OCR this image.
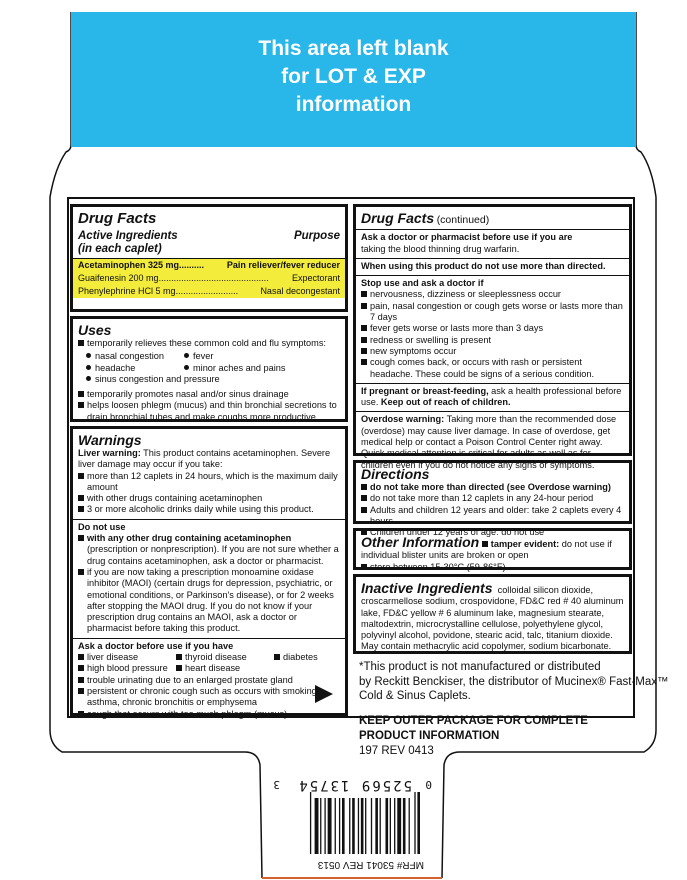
This area left blank
for LOT & EXP
information
Drug Facts
Active Ingredients	Purpose
(in each caplet)
Acetaminophen 325 mg..........	Pain reliever/fever reducer
Guaifenesin 200 mg............................................	Expectorant
Phenylephrine HCl 5 mg......................... Nasal decongestant
Uses
temporarily relieves these common cold and flu symptoms:
nasal congestion	fever
headache	minor aches and pains
sinus congestion and pressure
temporarily promotes nasal and/or sinus drainage
helps loosen phlegm (mucus) and thin bronchial secretions to drain bronchial tubes and make coughs more productive.
Warnings
Liver warning: This product contains acetaminophen. Severe liver damage may occur if you take:
more than 12 caplets in 24 hours, which is the maximum daily amount
with other drugs containing acetaminophen
3 or more alcoholic drinks daily while using this product.
Do not use
with any other drug containing acetaminophen (prescription or nonprescription). If you are not sure whether a drug contains acetaminophen, ask a doctor or pharmacist.
if you are now taking a prescription monoamine oxidase inhibitor (MAOI) (certain drugs for depression, psychiatric, or emotional conditions, or Parkinson's disease), or for 2 weeks after stopping the MAOI drug. If you do not know if your prescription drug contains an MAOI, ask a doctor or pharmacist before taking this product.
Ask a doctor before use if you have
liver disease	thyroid disease	diabetes
high blood pressure	heart disease
trouble urinating due to an enlarged prostate gland
persistent or chronic cough such as occurs with smoking, asthma, chronic bronchitis or emphysema
cough that occurs with too much phlegm (mucus)
Drug Facts (continued)
Ask a doctor or pharmacist before use if you are
taking the blood thinning drug warfarin.
When using this product do not use more than directed.
Stop use and ask a doctor if
nervousness, dizziness or sleeplessness occur
pain, nasal congestion or cough gets worse or lasts more than 7 days
fever gets worse or lasts more than 3 days
redness or swelling is present
new symptoms occur
cough comes back, or occurs with rash or persistent headache. These could be signs of a serious condition.
If pregnant or breast-feeding, ask a health professional before use. Keep out of reach of children.
Overdose warning: Taking more than the recommended dose (overdose) may cause liver damage. In case of overdose, get medical help or contact a Poison Control Center right away. Quick medical attention is critical for adults as well as for children even if you do not notice any signs or symptoms.
Directions
do not take more than directed (see Overdose warning)
do not take more than 12 caplets in any 24-hour period
Adults and children 12 years and older: take 2 caplets every 4 hours
Children under 12 years of age: do not use
Other Information tamper evident: do not use if individual blister units are broken or open
store between 15-30°C (59-86°F)
Inactive Ingredients colloidal silicon dioxide, croscarmellose sodium, crospovidone, FD&C red # 40 aluminum lake, FD&C yellow # 6 aluminum lake, magnesium stearate, maltodextrin, microcrystalline cellulose, polyethylene glycol, polyvinyl alcohol, povidone, stearic acid, talc, titanium dioxide. May contain methacrylic acid copolymer, sodium bicarbonate.
*This product is not manufactured or distributed
by Reckitt Benckiser, the distributor of Mucinex® Fast-Max™
Cold & Sinus Caplets.
KEEP OUTER PACKAGE FOR COMPLETE
PRODUCT INFORMATION
197 REV 0413
MFR# 53041 REV 0513
52569 13754 0
3
